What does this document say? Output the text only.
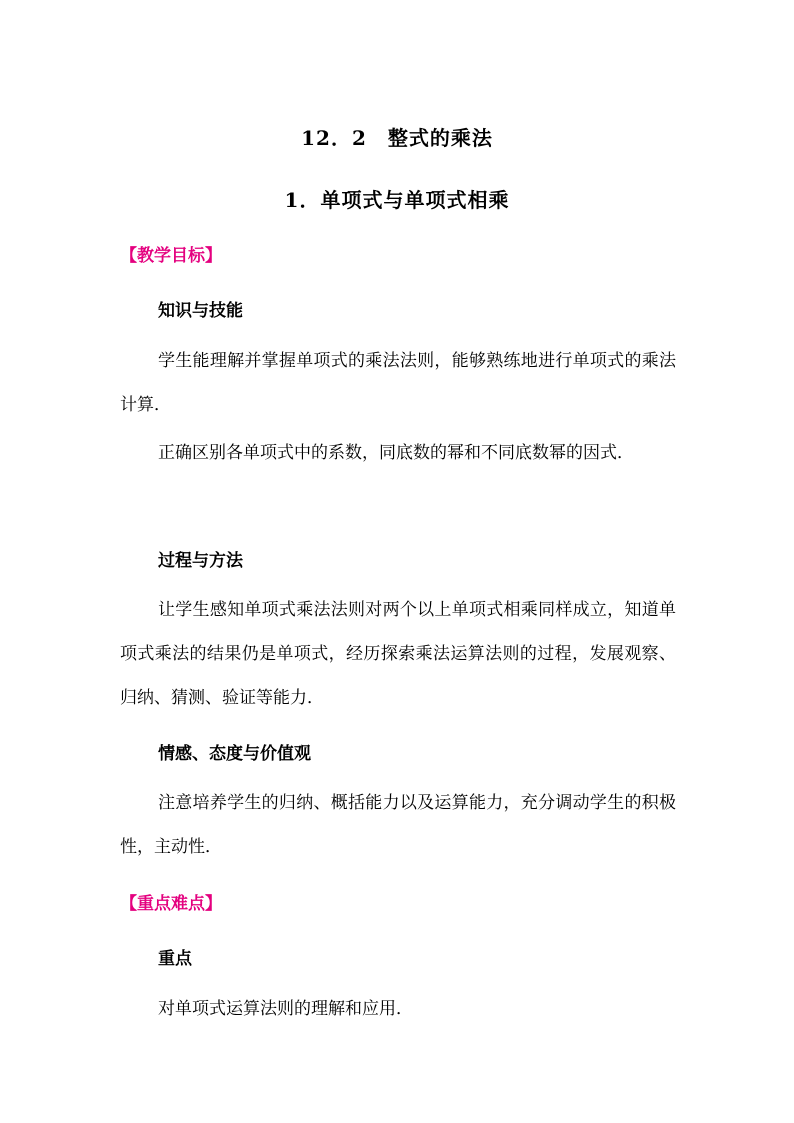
12．2　整式的乘法
1．单项式与单项式相乘
【教学目标】
知识与技能
学生能理解并掌握单项式的乘法法则，能够熟练地进行单项式的乘法计算．
正确区别各单项式中的系数，同底数的幂和不同底数幂的因式．
过程与方法
让学生感知单项式乘法法则对两个以上单项式相乘同样成立，知道单项式乘法的结果仍是单项式，经历探索乘法运算法则的过程，发展观察、归纳、猜测、验证等能力．
情感、态度与价值观
注意培养学生的归纳、概括能力以及运算能力，充分调动学生的积极性，主动性．
【重点难点】
重点
对单项式运算法则的理解和应用．
